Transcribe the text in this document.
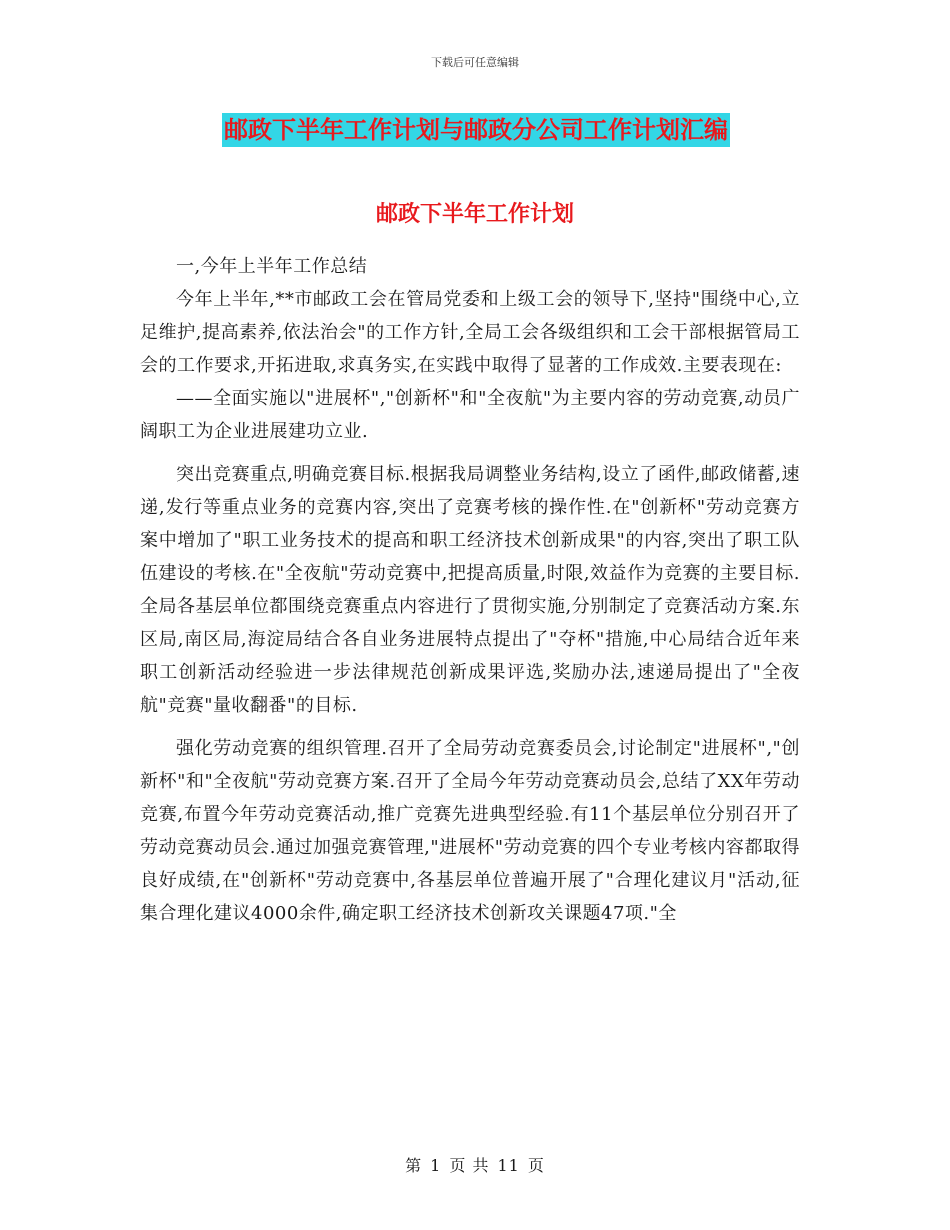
下载后可任意编辑
邮政下半年工作计划与邮政分公司工作计划汇编
邮政下半年工作计划

一,今年上半年工作总结

今年上半年,**市邮政工会在管局党委和上级工会的领导下,坚持"围绕中心,立足维护,提高素养,依法治会"的工作方针,全局工会各级组织和工会干部根据管局工会的工作要求,开拓进取,求真务实,在实践中取得了显著的工作成效.主要表现在:

——全面实施以"进展杯","创新杯"和"全夜航"为主要内容的劳动竞赛,动员广阔职工为企业进展建功立业.

突出竞赛重点,明确竞赛目标.根据我局调整业务结构,设立了函件,邮政储蓄,速递,发行等重点业务的竞赛内容,突出了竞赛考核的操作性.在"创新杯"劳动竞赛方案中增加了"职工业务技术的提高和职工经济技术创新成果"的内容,突出了职工队伍建设的考核.在"全夜航"劳动竞赛中,把提高质量,时限,效益作为竞赛的主要目标.全局各基层单位都围绕竞赛重点内容进行了贯彻实施,分别制定了竞赛活动方案.东区局,南区局,海淀局结合各自业务进展特点提出了"夺杯"措施,中心局结合近年来职工创新活动经验进一步法律规范创新成果评选,奖励办法,速递局提出了"全夜航"竞赛"量收翻番"的目标.

强化劳动竞赛的组织管理.召开了全局劳动竞赛委员会,讨论制定"进展杯","创新杯"和"全夜航"劳动竞赛方案.召开了全局今年劳动竞赛动员会,总结了XX年劳动竞赛,布置今年劳动竞赛活动,推广竞赛先进典型经验.有11个基层单位分别召开了劳动竞赛动员会.通过加强竞赛管理,"进展杯"劳动竞赛的四个专业考核内容都取得良好成绩,在"创新杯"劳动竞赛中,各基层单位普遍开展了"合理化建议月"活动,征集合理化建议4000余件,确定职工经济技术创新攻关课题47项."全

第 1 页 共 11 页
